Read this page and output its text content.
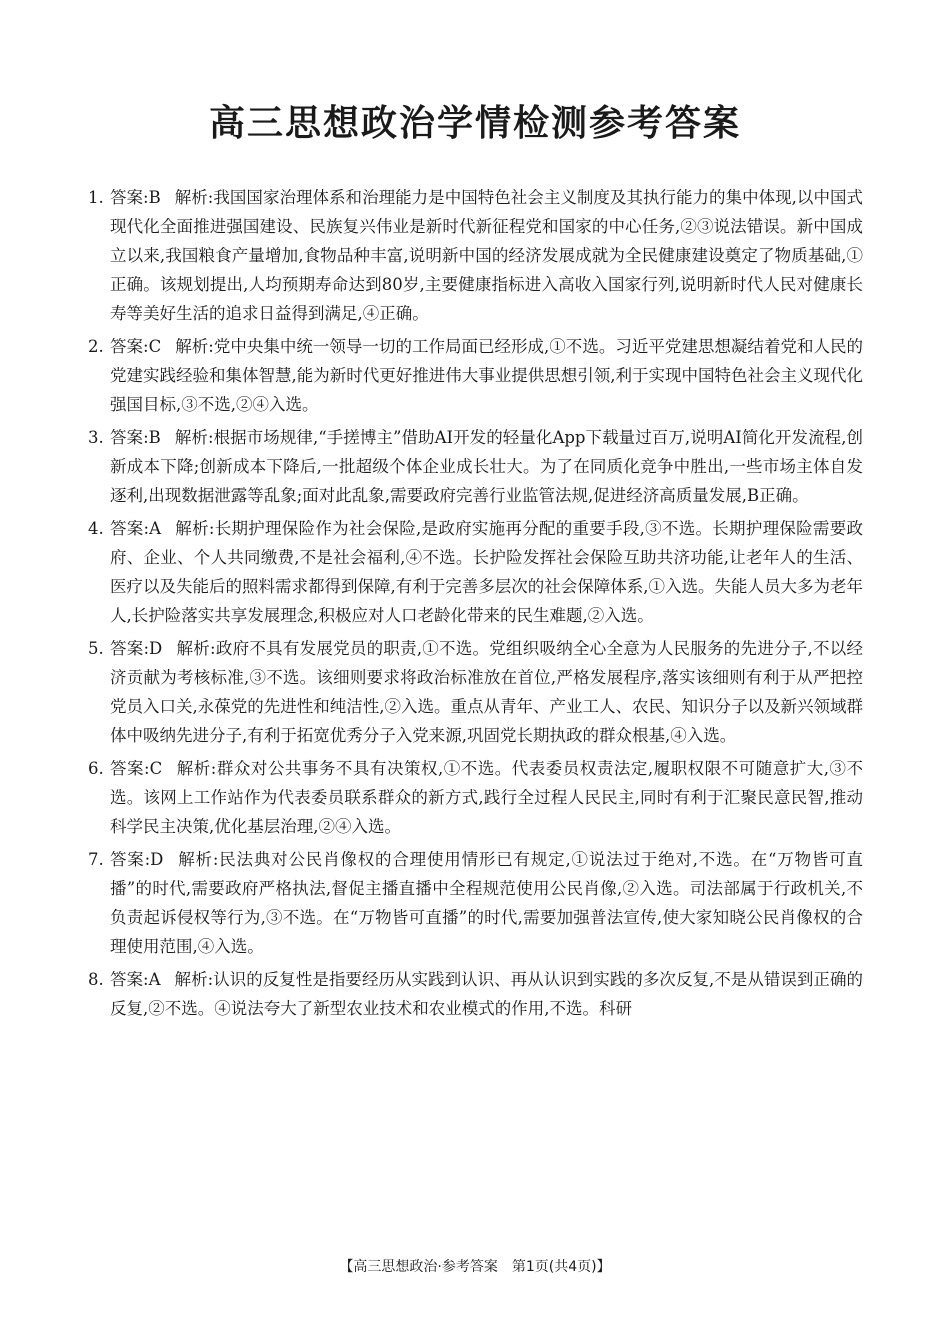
高三思想政治学情检测参考答案
1. 答案:B 解析:我国国家治理体系和治理能力是中国特色社会主义制度及其执行能力的集中体现,以中国式现代化全面推进强国建设、民族复兴伟业是新时代新征程党和国家的中心任务,②③说法错误。新中国成立以来,我国粮食产量增加,食物品种丰富,说明新中国的经济发展成就为全民健康建设奠定了物质基础,①正确。该规划提出,人均预期寿命达到80岁,主要健康指标进入高收入国家行列,说明新时代人民对健康长寿等美好生活的追求日益得到满足,④正确。
2. 答案:C 解析:党中央集中统一领导一切的工作局面已经形成,①不选。习近平党建思想凝结着党和人民的党建实践经验和集体智慧,能为新时代更好推进伟大事业提供思想引领,利于实现中国特色社会主义现代化强国目标,③不选,②④入选。
3. 答案:B 解析:根据市场规律,“手搓博主”借助AI开发的轻量化App下载量过百万,说明AI简化开发流程,创新成本下降;创新成本下降后,一批超级个体企业成长壮大。为了在同质化竞争中胜出,一些市场主体自发逐利,出现数据泄露等乱象;面对此乱象,需要政府完善行业监管法规,促进经济高质量发展,B正确。
4. 答案:A 解析:长期护理保险作为社会保险,是政府实施再分配的重要手段,③不选。长期护理保险需要政府、企业、个人共同缴费,不是社会福利,④不选。长护险发挥社会保险互助共济功能,让老年人的生活、医疗以及失能后的照料需求都得到保障,有利于完善多层次的社会保障体系,①入选。失能人员大多为老年人,长护险落实共享发展理念,积极应对人口老龄化带来的民生难题,②入选。
5. 答案:D 解析:政府不具有发展党员的职责,①不选。党组织吸纳全心全意为人民服务的先进分子,不以经济贡献为考核标准,③不选。该细则要求将政治标准放在首位,严格发展程序,落实该细则有利于从严把控党员入口关,永葆党的先进性和纯洁性,②入选。重点从青年、产业工人、农民、知识分子以及新兴领域群体中吸纳先进分子,有利于拓宽优秀分子入党来源,巩固党长期执政的群众根基,④入选。
6. 答案:C 解析:群众对公共事务不具有决策权,①不选。代表委员权责法定,履职权限不可随意扩大,③不选。该网上工作站作为代表委员联系群众的新方式,践行全过程人民民主,同时有利于汇聚民意民智,推动科学民主决策,优化基层治理,②④入选。
7. 答案:D 解析:民法典对公民肖像权的合理使用情形已有规定,①说法过于绝对,不选。在“万物皆可直播”的时代,需要政府严格执法,督促主播直播中全程规范使用公民肖像,②入选。司法部属于行政机关,不负责起诉侵权等行为,③不选。在“万物皆可直播”的时代,需要加强普法宣传,使大家知晓公民肖像权的合理使用范围,④入选。
8. 答案:A 解析:认识的反复性是指要经历从实践到认识、再从认识到实践的多次反复,不是从错误到正确的反复,②不选。④说法夸大了新型农业技术和农业模式的作用,不选。科研
【高三思想政治·参考答案　第1页(共4页)】
